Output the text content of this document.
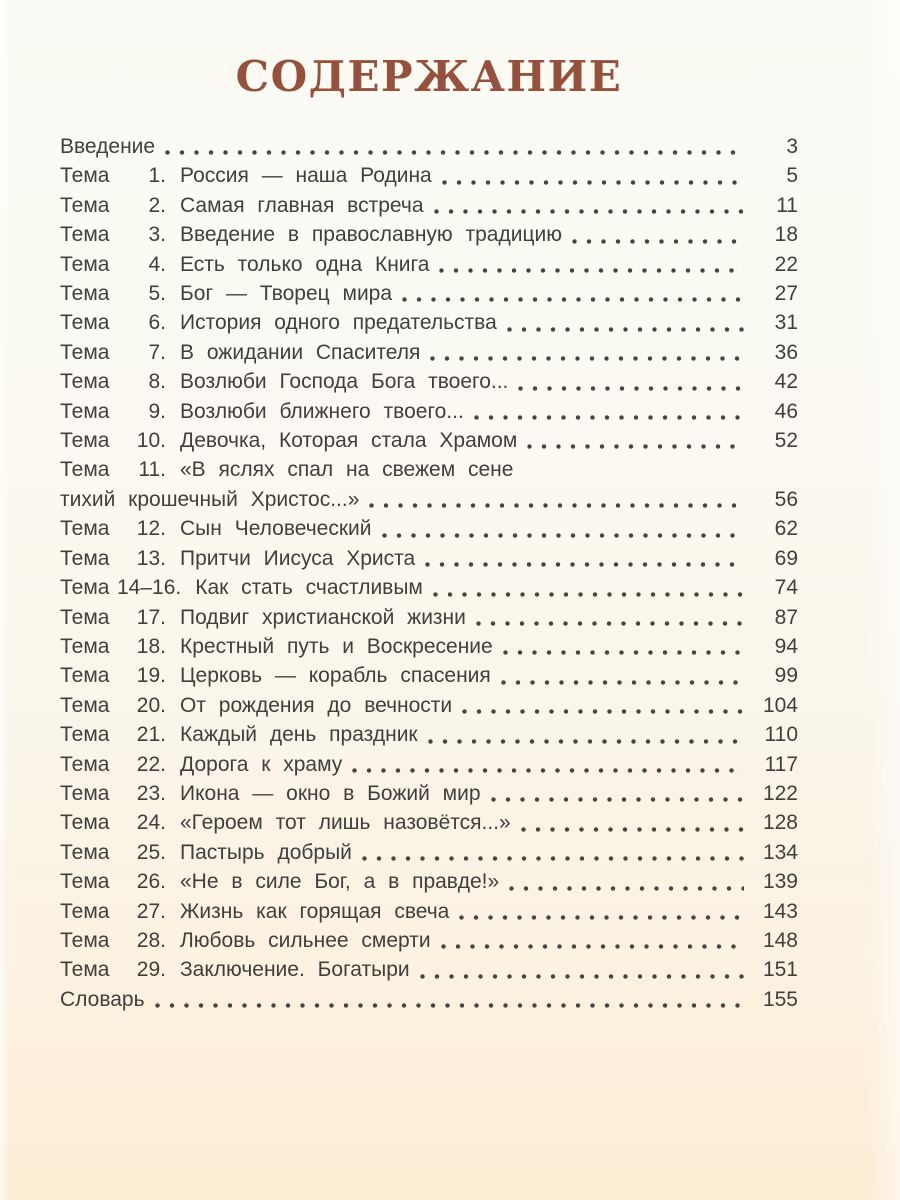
СОДЕРЖАНИЕ
Введение	3
Тема	1. Россия — наша Родина	5
Тема	2. Самая главная встреча	11
Тема	3. Введение в православную традицию	18
Тема	4. Есть только одна Книга	22
Тема	5. Бог — Творец мира	27
Тема	6. История одного предательства	31
Тема	7. В ожидании Спасителя	36
Тема	8. Возлюби Господа Бога твоего...	42
Тема	9. Возлюби ближнего твоего...	46
Тема	10. Девочка, Которая стала Храмом	52
Тема	11. «В яслях спал на свежем сене
тихий крошечный Христос...»	56
Тема	12. Сын Человеческий	62
Тема	13. Притчи Иисуса Христа	69
Тема 14–16. Как стать счастливым	74
Тема	17. Подвиг христианской жизни	87
Тема	18. Крестный путь и Воскресение	94
Тема	19. Церковь — корабль спасения	99
Тема	20. От рождения до вечности	104
Тема	21. Каждый день праздник	110
Тема	22. Дорога к храму	117
Тема	23. Икона — окно в Божий мир	122
Тема	24. «Героем тот лишь назовётся...»	128
Тема	25. Пастырь добрый	134
Тема	26. «Не в силе Бог, а в правде!»	139
Тема	27. Жизнь как горящая свеча	143
Тема	28. Любовь сильнее смерти	148
Тема	29. Заключение. Богатыри	151
Словарь	155
